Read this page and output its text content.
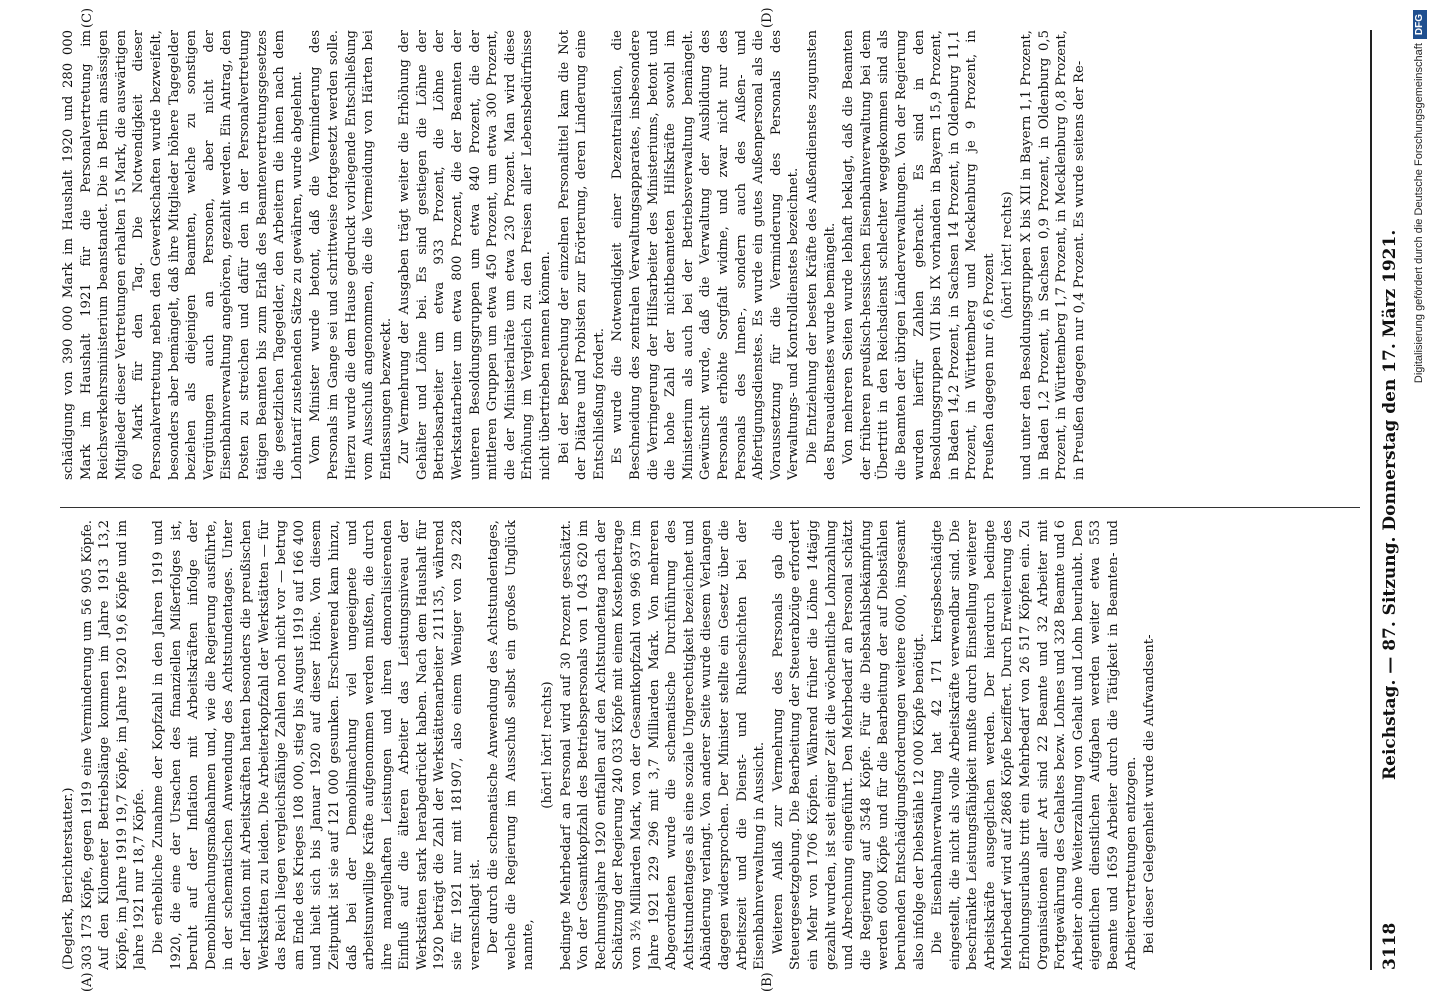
3118
Reichstag. — 87. Sitzung. Donnerstag den 17. März 1921.
(A)	(B)
(C)	(D)

(Deglerk, Berichterstatter.) 303 173 Köpfe, gegen 1919 eine Verminderung um 56 905 Köpfe. Auf den Kilometer Betriebslänge kommen im Jahre 1913 13,2 Köpfe, im Jahre 1919 19,7 Köpfe, im Jahre 1920 19,6 Köpfe und im Jahre 1921 nur 18,7 Köpfe. Die erhebliche Zunahme der Kopfzahl in den Jahren 1919 und 1920, die eine der Ursachen des finanziellen Mißerfolges ist, beruht auf der Inflation mit Arbeitskräften infolge der Demobilmachungsmaßnahmen und, wie die Regierung ausführte, in der schematischen Anwendung des Achtstundentages. Unter der Inflation mit Arbeitskräften hatten besonders die preußischen Werkstätten zu leiden. Die Arbeiterkopfzahl der Werkstätten — für das Reich liegen vergleichsfähige Zahlen noch nicht vor — betrug am Ende des Krieges 108 000, stieg bis August 1919 auf 166 400 und hielt sich bis Januar 1920 auf dieser Höhe. Von diesem Zeitpunkt ist sie auf 121 000 gesunken. Erschwerend kam hinzu, daß bei der Demobilmachung viel ungeeignete und arbeitsunwillige Kräfte aufgenommen werden mußten, die durch ihre mangelhaften Leistungen und ihren demoralisierenden Einfluß auf die älteren Arbeiter das Leistungsniveau der Werkstätten stark herabgedrückt haben. Nach dem Haushalt für 1920 beträgt die Zahl der Werkstättenarbeiter 211135, während sie für 1921 nur mit 181907, also einem Weniger von 29 228 veranschlagt ist. Der durch die schematische Anwendung des Achtstundentages, welche die Regierung im Ausschuß selbst ein großes Unglück nannte,

(hört! hört! rechts) bedingte Mehrbedarf an Personal wird auf 30 Prozent geschätzt. Von der Gesamtkopfzahl des Betriebspersonals von 1 043 620 im Rechnungsjahre 1920 entfallen auf den Achtstundentag nach der Schätzung der Regierung 240 033 Köpfe mit einem Kostenbetrage von 3½ Milliarden Mark, von der Gesamtkopfzahl von 996 937 im Jahre 1921 229 296 mit 3,7 Milliarden Mark. Von mehreren Abgeordneten wurde die schematische Durchführung des Achtstundentages als eine soziale Ungerechtigkeit bezeichnet und Abänderung verlangt. Von anderer Seite wurde diesem Verlangen dagegen widersprochen. Der Minister stellte ein Gesetz über die Arbeitszeit und die Dienst- und Ruheschichten bei der Eisenbahnverwaltung in Aussicht. Weiteren Anlaß zur Vermehrung des Personals gab die Steuergesetzgebung. Die Bearbeitung der Steuerabzüge erfordert ein Mehr von 1706 Köpfen. Während früher die Löhne 14tägig gezahlt wurden, ist seit einiger Zeit die wöchentliche Lohnzahlung und Abrechnung eingeführt. Den Mehrbedarf an Personal schätzt die Regierung auf 3548 Köpfe. Für die Diebstahlsbekämpfung werden 6000 Köpfe und für die Bearbeitung der auf Diebstählen beruhenden Entschädigungsforderungen weitere 6000, insgesamt also infolge der Diebstähle 12 000 Köpfe benötigt. Die Eisenbahnverwaltung hat 42 171 kriegsbeschädigte eingestellt, die nicht als volle Arbeitskräfte verwendbar sind. Die beschränkte Leistungsfähigkeit mußte durch Einstellung weiterer Arbeitskräfte ausgeglichen werden. Der hierdurch bedingte Mehrbedarf wird auf 2868 Köpfe beziffert. Durch Erweiterung des Erholungsurlaubs tritt ein Mehrbedarf von 26 517 Köpfen ein. Zu Organisationen aller Art sind 22 Beamte und 32 Arbeiter mit Fortgewährung des Gehaltes bezw. Lohnes und 328 Beamte und 6 Arbeiter ohne Weiterzahlung von Gehalt und Lohn beurlaubt. Den eigentlichen dienstlichen Aufgaben werden weiter etwa 553 Beamte und 1659 Arbeiter durch die Tätigkeit in Beamten- und Arbeitervertretungen entzogen. Bei dieser Gelegenheit wurde die Aufwandsent-

schädigung von 390 000 Mark im Haushalt 1920 und 280 000 Mark im Haushalt 1921 für die Personalvertretung im Reichsverkehrsministerium beanstandet. Die in Berlin ansässigen Mitglieder dieser Vertretungen erhalten 15 Mark, die auswärtigen 60 Mark für den Tag. Die Notwendigkeit dieser Personalvertretung neben den Gewerkschaften wurde bezweifelt, besonders aber bemängelt, daß ihre Mitglieder höhere Tagegelder beziehen als diejenigen Beamten, welche zu sonstigen Vergütungen auch an Personen, aber nicht der Eisenbahnverwaltung angehören, gezahlt werden. Ein Antrag, den Posten zu streichen und dafür den in der Personalvertretung tätigen Beamten bis zum Erlaß des Beamtenvertretungsgesetzes die gesetzlichen Tagegelder, den Arbeitern die ihnen nach dem Lohntarif zustehenden Sätze zu gewähren, wurde abgelehnt. Vom Minister wurde betont, daß die Verminderung des Personals im Gange sei und schrittweise fortgesetzt werden solle. Hierzu wurde die dem Hause gedruckt vorliegende Entschließung vom Ausschuß angenommen, die die Vermeidung von Härten bei Entlassungen bezweckt. Zur Vermehrung der Ausgaben trägt weiter die Erhöhung der Gehälter und Löhne bei. Es sind gestiegen die Löhne der Betriebsarbeiter um etwa 933 Prozent, die Löhne der Werkstattarbeiter um etwa 800 Prozent, die der Beamten der unteren Besoldungsgruppen um etwa 840 Prozent, die der mittleren Gruppen um etwa 450 Prozent, um etwa 300 Prozent, die der Ministerialräte um etwa 230 Prozent. Man wird diese Erhöhung im Vergleich zu den Preisen aller Lebensbedürfnisse nicht übertrieben nennen können. Bei der Besprechung der einzelnen Personaltitel kam die Not der Diätare und Probisten zur Erörterung, deren Linderung eine Entschließung fordert. Es wurde die Notwendigkeit einer Dezentralisation, die Beschneidung des zentralen Verwaltungsapparates, insbesondere die Verringerung der Hilfsarbeiter des Ministeriums, betont und die hohe Zahl der nichtbeamteten Hilfskräfte sowohl im Ministerium als auch bei der Betriebsverwaltung bemängelt. Gewünscht wurde, daß die Verwaltung der Ausbildung des Personals erhöhte Sorgfalt widme, und zwar nicht nur des Personals des Innen-, sondern auch des Außen- und Abfertigungsdienstes. Es wurde ein gutes Außenpersonal als die Voraussetzung für die Verminderung des Personals des Verwaltungs- und Kontrolldienstes bezeichnet. Die Entziehung der besten Kräfte des Außendienstes zugunsten des Bureaudienstes wurde bemängelt. Von mehreren Seiten wurde lebhaft beklagt, daß die Beamten der früheren preußisch-hessischen Eisenbahnverwaltung bei dem Übertritt in den Reichsdienst schlechter weggekommen sind als die Beamten der übrigen Länderverwaltungen. Von der Regierung wurden hierfür Zahlen gebracht. Es sind in den Besoldungsgruppen VII bis IX vorhanden in Bayern 15,9 Prozent, in Baden 14,2 Prozent, in Sachsen 14 Prozent, in Oldenburg 11,1 Prozent, in Württemberg und Mecklenburg je 9 Prozent, in Preußen dagegen nur 6,6 Prozent (hört! hört! rechts) und unter den Besoldungsgruppen X bis XII in Bayern 1,1 Prozent, in Baden 1,2 Prozent, in Sachsen 0,9 Prozent, in Oldenburg 0,5 Prozent, in Württemberg 1,7 Prozent, in Mecklenburg 0,8 Prozent, in Preußen dagegen nur 0,4 Prozent. Es wurde seitens der Re-	Digitalisierung gefördert durch die Deutsche ForschungsgemeinschaftDFG
